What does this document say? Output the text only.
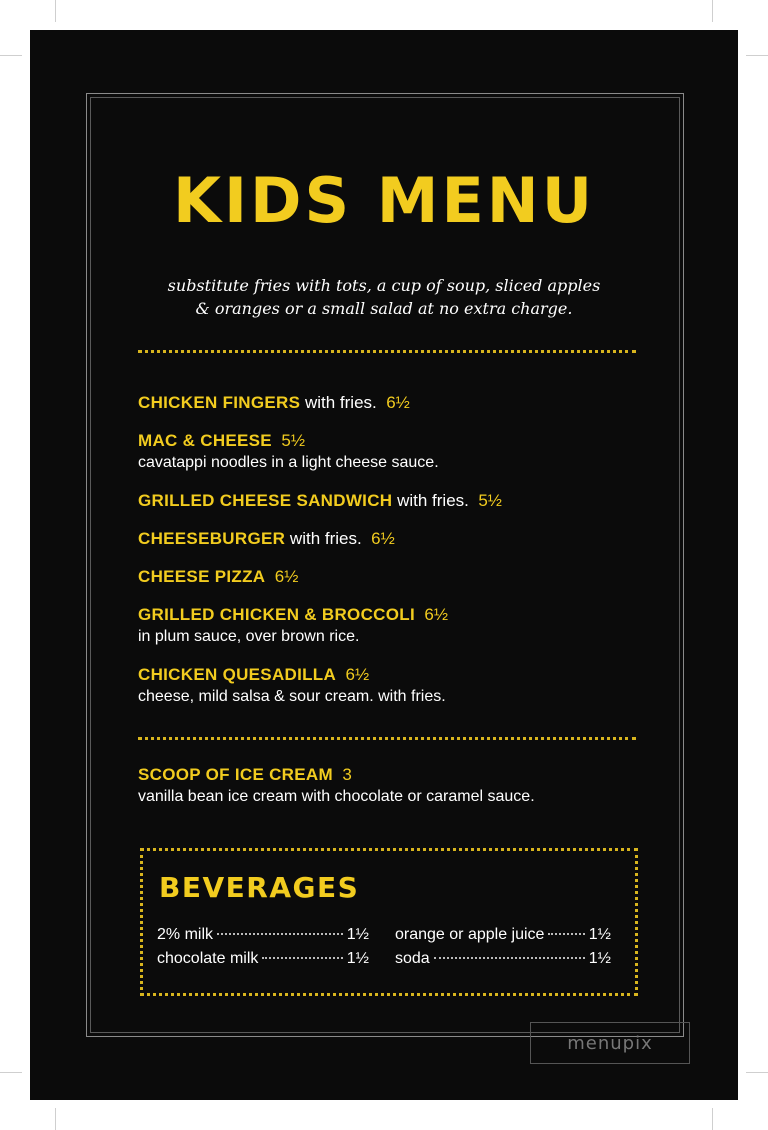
KIDS MENU
substitute fries with tots, a cup of soup, sliced apples
& oranges or a small salad at no extra charge.
CHICKEN FINGERS with fries. 6½
MAC & CHEESE 5½
cavatappi noodles in a light cheese sauce.
GRILLED CHEESE SANDWICH with fries. 5½
CHEESEBURGER with fries. 6½
CHEESE PIZZA 6½
GRILLED CHICKEN & BROCCOLI 6½
in plum sauce, over brown rice.
CHICKEN QUESADILLA 6½
cheese, mild salsa & sour cream. with fries.
SCOOP OF ICE CREAM 3
vanilla bean ice cream with chocolate or caramel sauce.
BEVERAGES
2% milk	1½
chocolate milk	1½
orange or apple juice	1½
soda	1½
menupix
